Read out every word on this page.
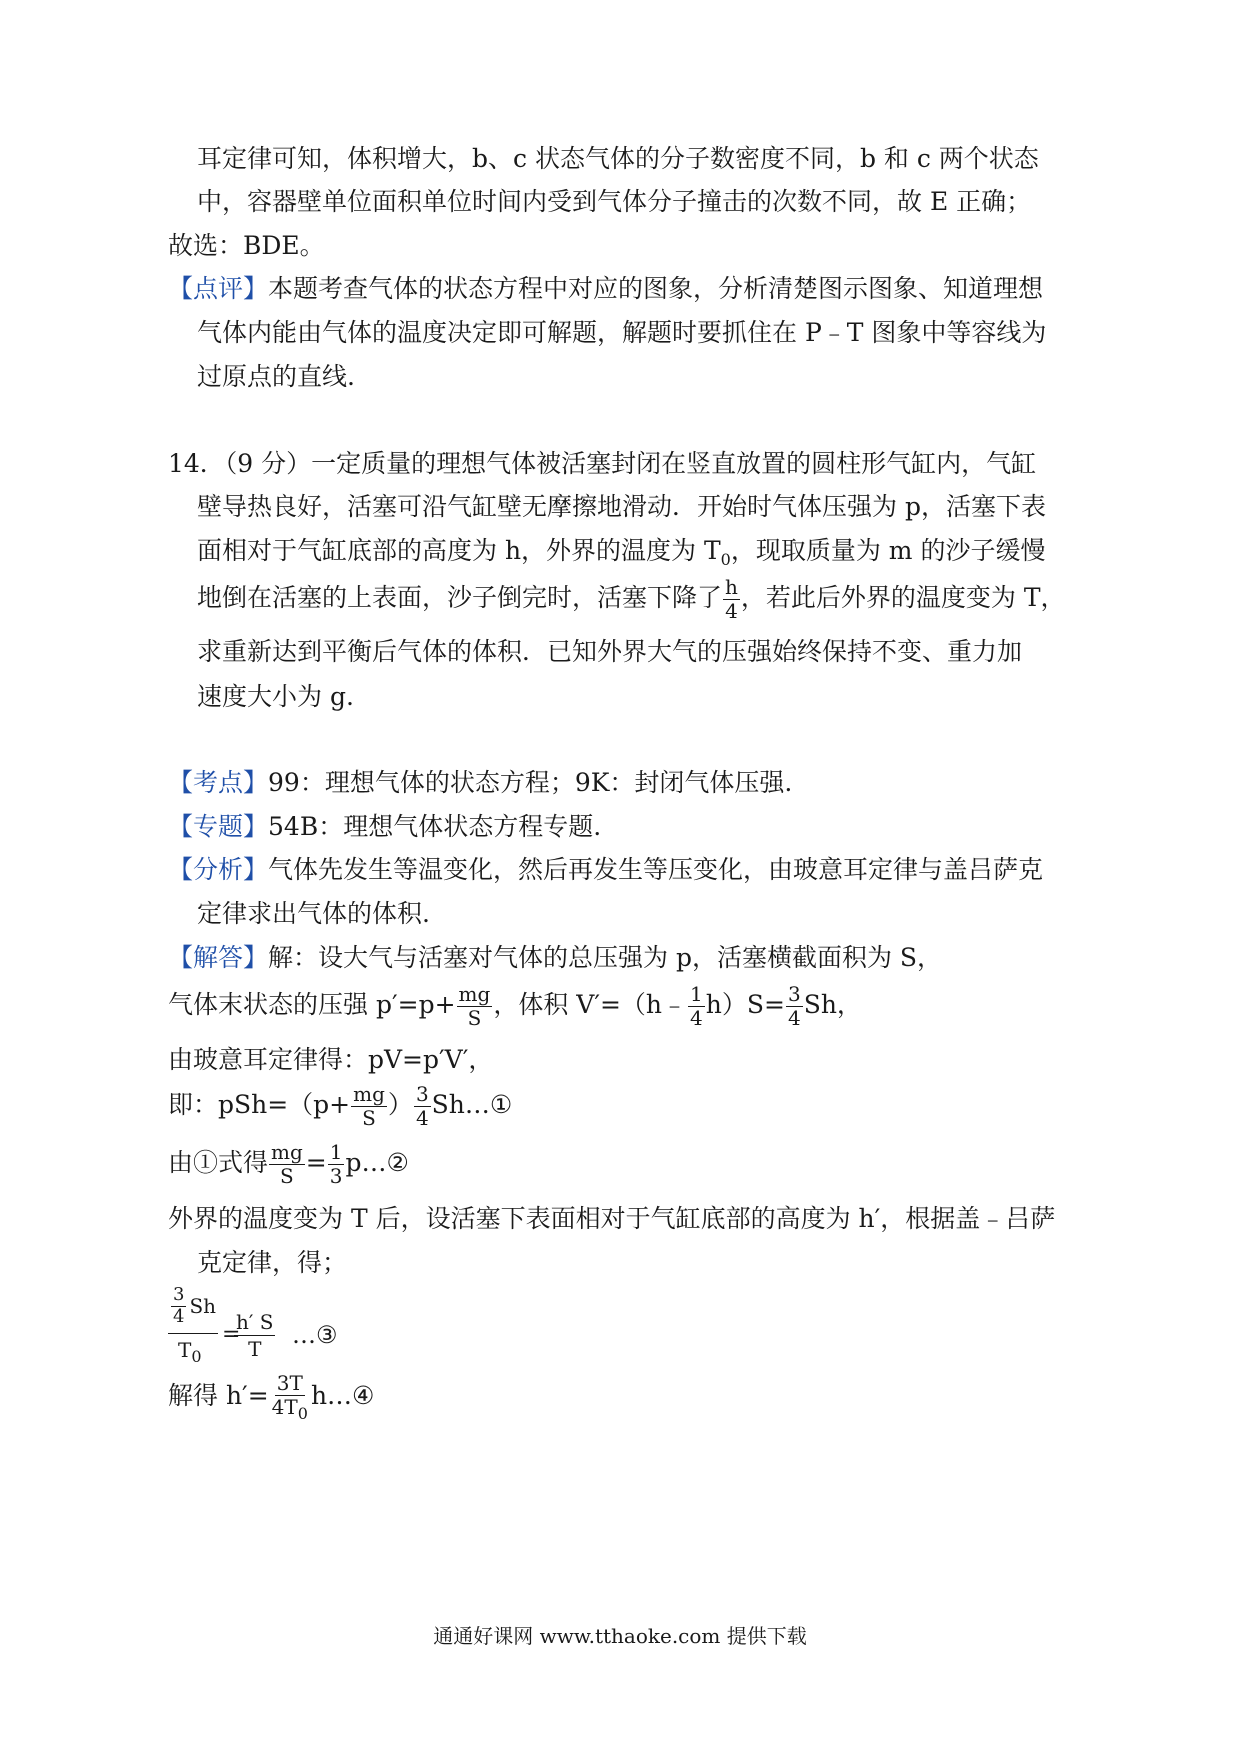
耳定律可知，体积增大，b、c 状态气体的分子数密度不同，b 和 c 两个状态
中，容器壁单位面积单位时间内受到气体分子撞击的次数不同，故 E 正确；
故选：BDE。
【点评】本题考查气体的状态方程中对应的图象，分析清楚图示图象、知道理想
气体内能由气体的温度决定即可解题，解题时要抓住在 P﹣T 图象中等容线为
过原点的直线.
14．（9 分）一定质量的理想气体被活塞封闭在竖直放置的圆柱形气缸内，气缸
壁导热良好，活塞可沿气缸壁无摩擦地滑动．开始时气体压强为 p，活塞下表
面相对于气缸底部的高度为 h，外界的温度为 $T_0$，现取质量为 m 的沙子缓慢
地倒在活塞的上表面，沙子倒完时，活塞下降了 $\frac{h}{4}$ ，若此后外界的温度变为 T，
求重新达到平衡后气体的体积．已知外界大气的压强始终保持不变、重力加
速度大小为 g.
【考点】99：理想气体的状态方程；9K：封闭气体压强.
【专题】54B：理想气体状态方程专题.
【分析】气体先发生等温变化，然后再发生等压变化，由玻意耳定律与盖吕萨克
定律求出气体的体积.
【解答】解：设大气与活塞对气体的总压强为 p，活塞横截面积为 S，
气体末状态的压强 $p'=p+ \frac{mg}{S}$ ，体积 V′=（h﹣ $\frac{1}{4} h)S= \frac{3}{4}$ Sh，
由玻意耳定律得：pV=p′V′，
即：$pSh=(p+ \frac{mg}{S}$ ） $\frac{3}{4}$ Sh…①
由①式得 $\frac{mg}{S} = \frac{1}{3}$ p…②
外界的温度变为 T 后，设活塞下表面相对于气缸底部的高度为 h′，根据盖﹣吕萨
克定律，得；
$\frac{3}{4}$ Sh
$T_0$
=
$\frac{h' S}{T}$ …③
解得 $h'= \frac{3T}{4T_0}$ h…④
通通好课网 www.tthaoke.com 提供下载
